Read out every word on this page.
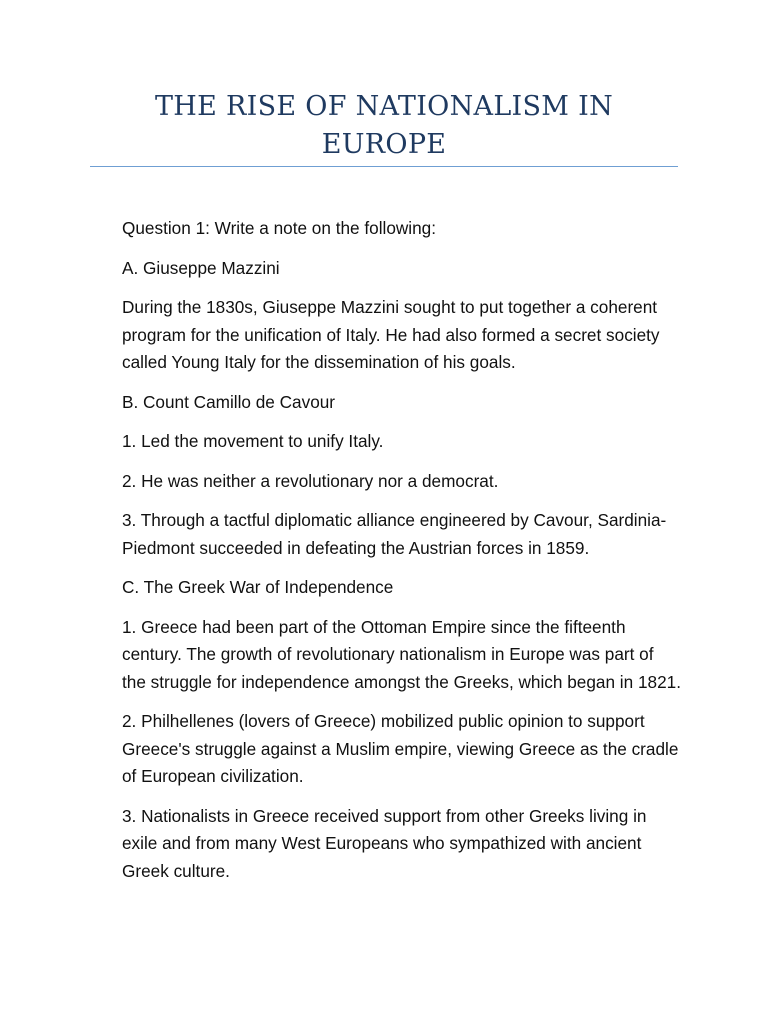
THE RISE OF NATIONALISM IN EUROPE

Question 1: Write a note on the following:

A. Giuseppe Mazzini

During the 1830s, Giuseppe Mazzini sought to put together a coherent program for the unification of Italy. He had also formed a secret society called Young Italy for the dissemination of his goals.

B. Count Camillo de Cavour

1. Led the movement to unify Italy.

2. He was neither a revolutionary nor a democrat.

3. Through a tactful diplomatic alliance engineered by Cavour, Sardinia-Piedmont succeeded in defeating the Austrian forces in 1859.

C. The Greek War of Independence

1. Greece had been part of the Ottoman Empire since the fifteenth century. The growth of revolutionary nationalism in Europe was part of the struggle for independence amongst the Greeks, which began in 1821.

2. Philhellenes (lovers of Greece) mobilized public opinion to support Greece's struggle against a Muslim empire, viewing Greece as the cradle of European civilization.

3. Nationalists in Greece received support from other Greeks living in exile and from many West Europeans who sympathized with ancient Greek culture.
